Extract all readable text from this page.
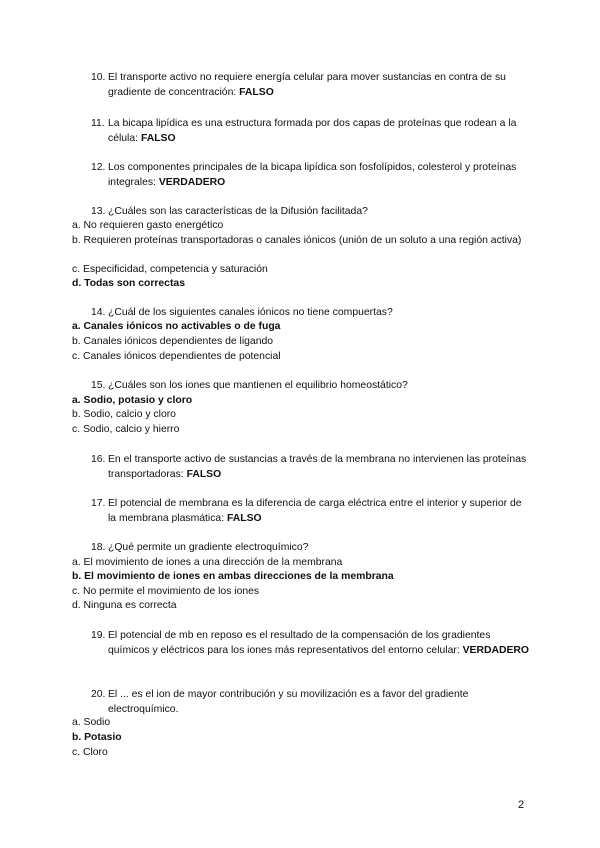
10. El transporte activo no requiere energía celular para mover sustancias en contra de su gradiente de concentración: FALSO
11. La bicapa lipídica es una estructura formada por dos capas de proteínas que rodean a la célula: FALSO
12. Los componentes principales de la bicapa lipídica son fosfolípidos, colesterol y proteínas integrales: VERDADERO
13. ¿Cuáles son las características de la Difusión facilitada?
a. No requieren gasto energético
b. Requieren proteínas transportadoras o canales iónicos (unión de un soluto a una región activa)
c. Especificidad, competencia y saturación
d. Todas son correctas
14. ¿Cuál de los siguientes canales iónicos no tiene compuertas?
a. Canales iónicos no activables o de fuga
b. Canales iónicos dependientes de ligando
c. Canales iónicos dependientes de potencial
15. ¿Cuáles son los iones que mantienen el equilibrio homeostático?
a. Sodio, potasio y cloro
b. Sodio, calcio y cloro
c. Sodio, calcio y hierro
16. En el transporte activo de sustancias a través de la membrana no intervienen las proteínas transportadoras: FALSO
17. El potencial de membrana es la diferencia de carga eléctrica entre el interior y superior de la membrana plasmática: FALSO
18. ¿Qué permite un gradiente electroquímico?
a. El movimiento de iones a una dirección de la membrana
b. El movimiento de iones en ambas direcciones de la membrana
c. No permite el movimiento de los iones
d. Ninguna es correcta
19. El potencial de mb en reposo es el resultado de la compensación de los gradientes químicos y eléctricos para los iones más representativos del entorno celular: VERDADERO
20. El ... es el ion de mayor contribución y su movilización es a favor del gradiente electroquímico.
a. Sodio
b. Potasio
c. Cloro
2
